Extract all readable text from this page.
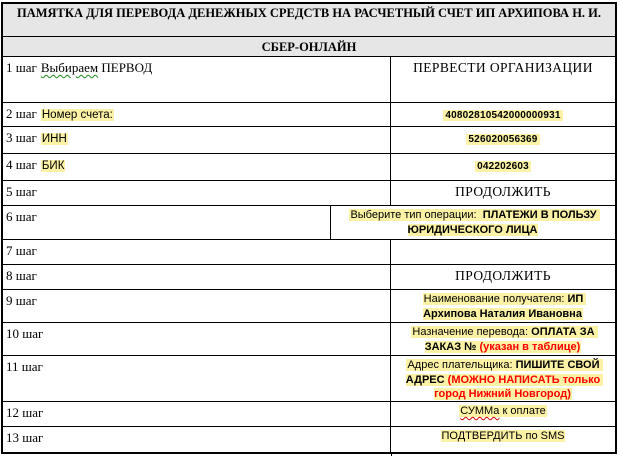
ПАМЯТКА ДЛЯ ПЕРЕВОДА ДЕНЕЖНЫХ СРЕДСТВ НА РАСЧЕТНЫЙ СЧЕТ ИП АРХИПОВА Н. И.
СБЕР-ОНЛАЙН
1 шаг Выбираем ПЕРВОД	ПЕРВЕСТИ ОРГАНИЗАЦИИ
2 шаг Номер счета:	40802810542000000931
3 шаг ИНН	526020056369
4 шаг БИК	042202603
5 шаг	ПРОДОЛЖИТЬ
6 шаг	Выберите тип операции:  ПЛАТЕЖИ В ПОЛЬЗУ ЮРИДИЧЕСКОГО ЛИЦА
7 шаг
8 шаг	ПРОДОЛЖИТЬ
9 шаг	Наименование получателя: ИП Архипова Наталия Ивановна
10 шаг	Назначение перевода: ОПЛАТА ЗА ЗАКАЗ № (указан в таблице)
11 шаг	Адрес плательщика: ПИШИТЕ СВОЙ АДРЕС (МОЖНО НАПИСАТЬ только город Нижний Новгород)
12 шаг	СУММа к оплате
13 шаг	ПОДТВЕРДИТЬ по SMS
